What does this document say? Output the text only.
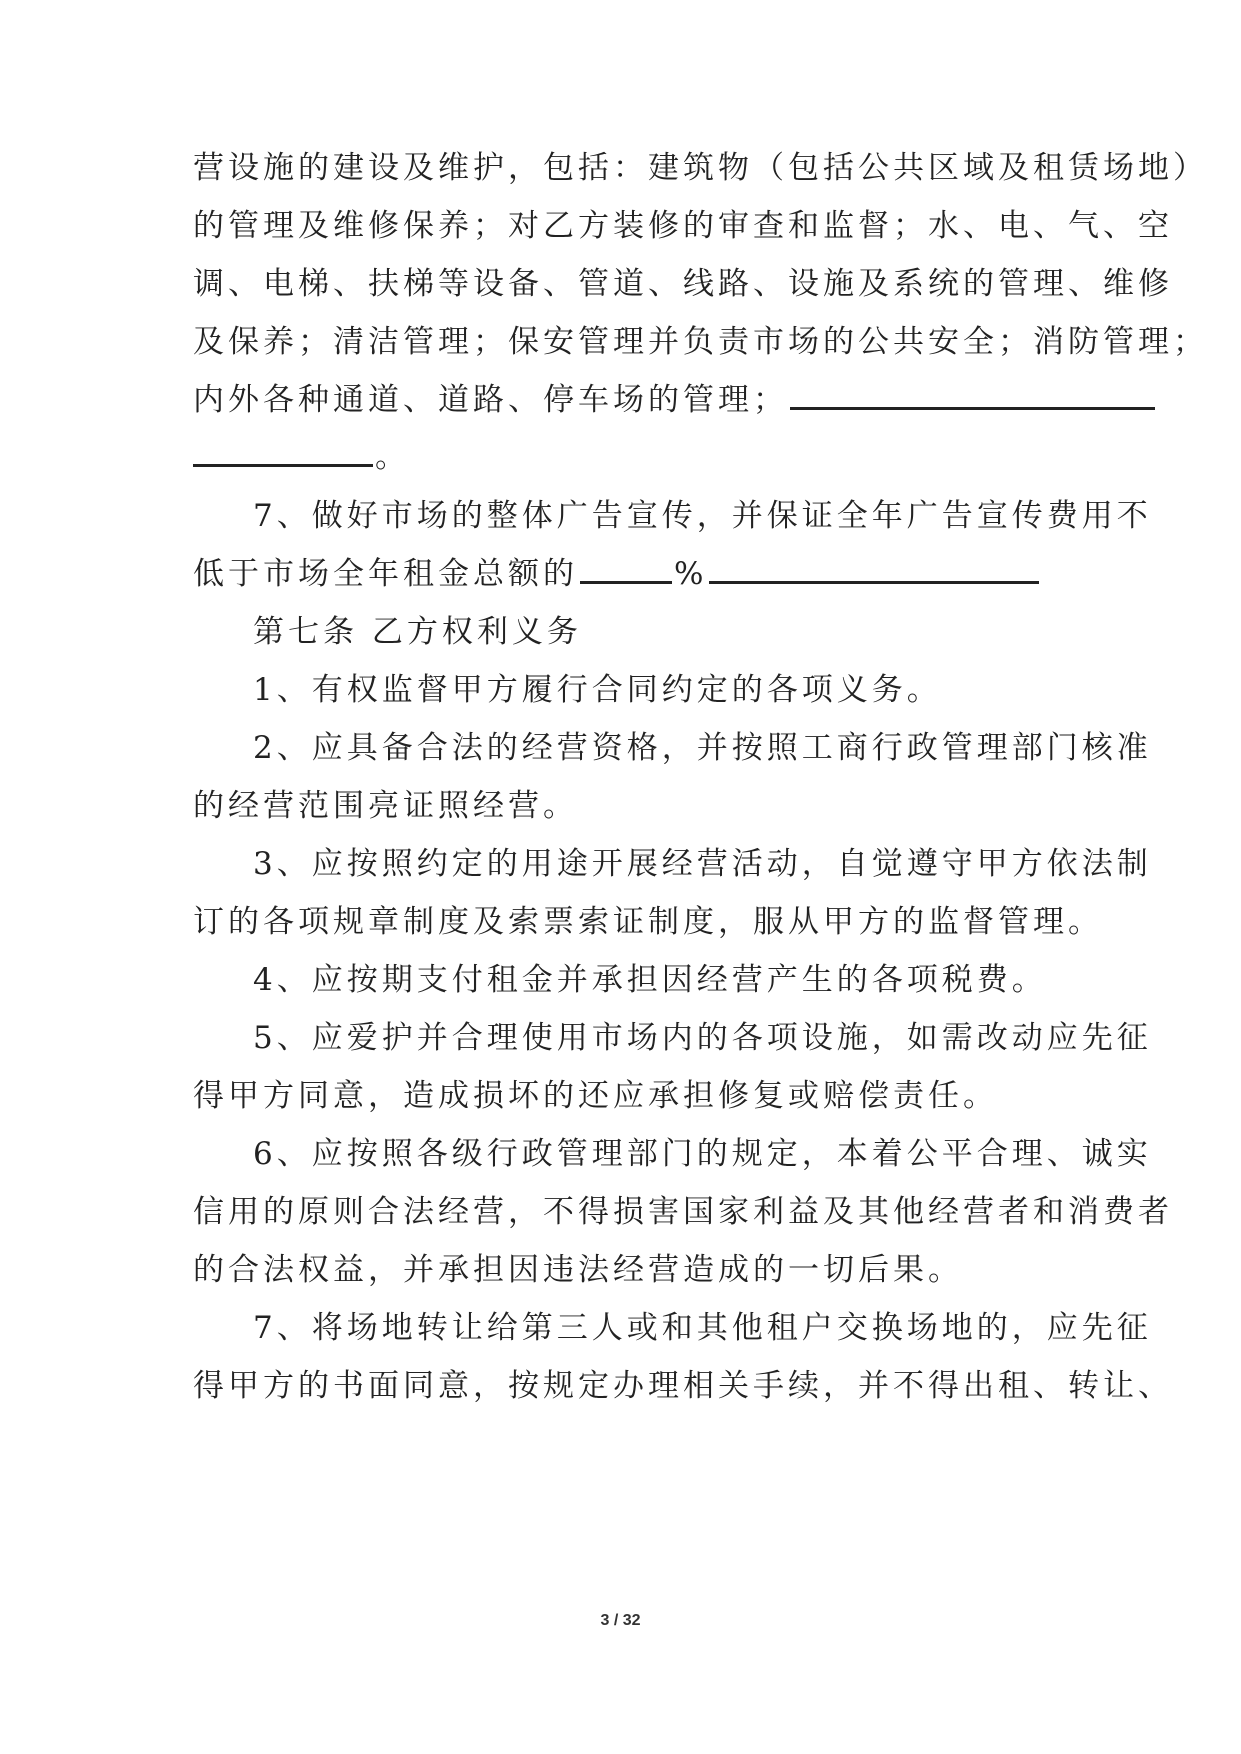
营设施的建设及维护，包括：建筑物（包括公共区域及租赁场地）
的管理及维修保养；对乙方装修的审查和监督；水、电、气、空
调、电梯、扶梯等设备、管道、线路、设施及系统的管理、维修
及保养；清洁管理；保安管理并负责市场的公共安全；消防管理；
内外各种通道、道路、停车场的管理；
。
7、做好市场的整体广告宣传，并保证全年广告宣传费用不
低于市场全年租金总额的	%
第七条 乙方权利义务
1、有权监督甲方履行合同约定的各项义务。
2、应具备合法的经营资格，并按照工商行政管理部门核准
的经营范围亮证照经营。
3、应按照约定的用途开展经营活动，自觉遵守甲方依法制
订的各项规章制度及索票索证制度，服从甲方的监督管理。
4、应按期支付租金并承担因经营产生的各项税费。
5、应爱护并合理使用市场内的各项设施，如需改动应先征
得甲方同意，造成损坏的还应承担修复或赔偿责任。
6、应按照各级行政管理部门的规定，本着公平合理、诚实
信用的原则合法经营，不得损害国家利益及其他经营者和消费者
的合法权益，并承担因违法经营造成的一切后果。
7、将场地转让给第三人或和其他租户交换场地的，应先征
得甲方的书面同意，按规定办理相关手续，并不得出租、转让、
3 / 32
